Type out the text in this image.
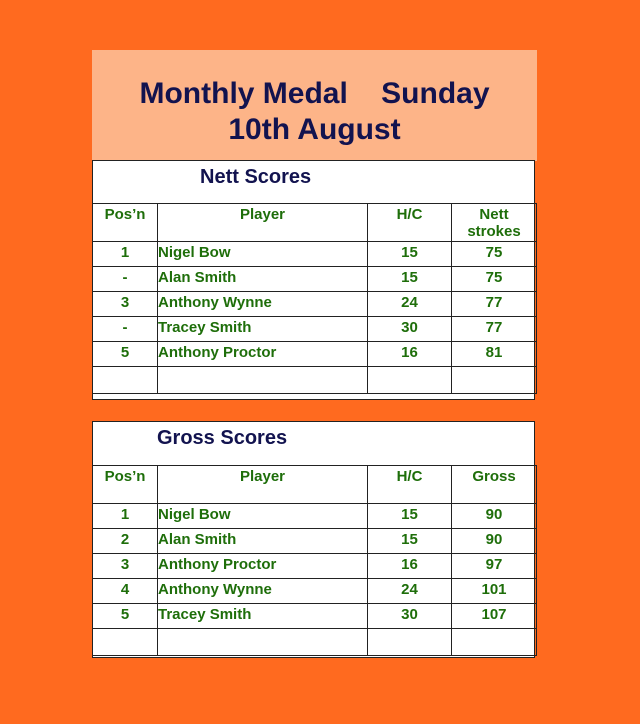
Monthly Medal    Sunday
10th August
Nett Scores
Pos’n	Player	H/C	Nett
strokes
1	Nigel Bow	15	75
-	Alan Smith	15	75
3	Anthony Wynne	24	77
-	Tracey Smith	30	77
5	Anthony Proctor	16	81

Gross Scores
Pos’n	Player	H/C	Gross
1	Nigel Bow	15	90
2	Alan Smith	15	90
3	Anthony Proctor	16	97
4	Anthony Wynne	24	101
5	Tracey Smith	30	107
